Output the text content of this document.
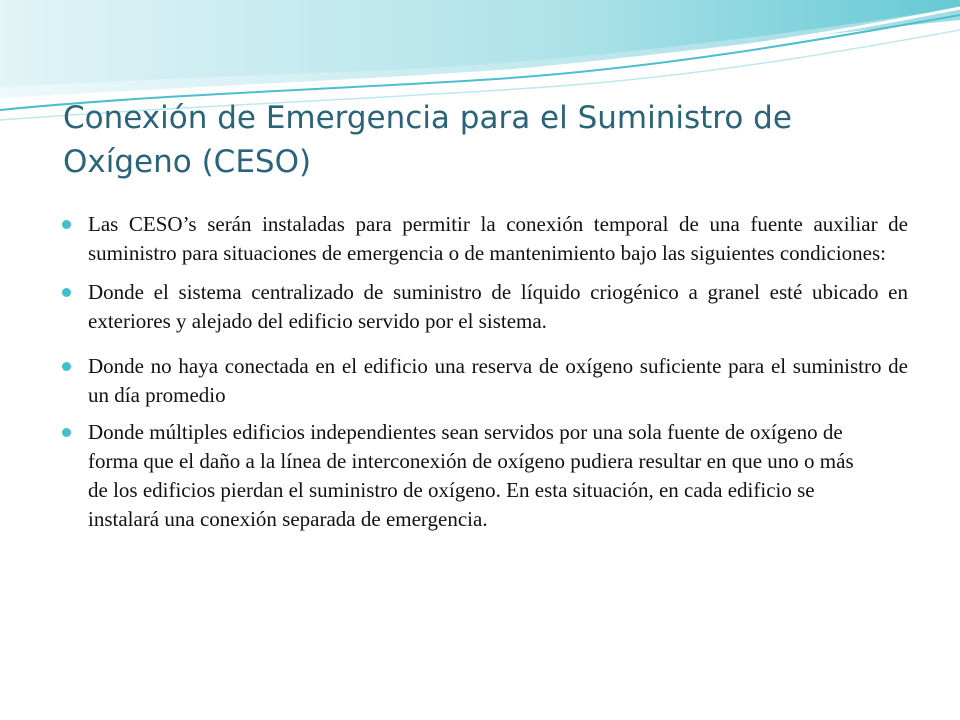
Conexión de Emergencia para el Suministro de Oxígeno (CESO)
Las CESO’s serán instaladas para permitir la conexión temporal de una fuente auxiliar de suministro para situaciones de emergencia o de mantenimiento bajo las siguientes condiciones:
Donde el sistema centralizado de suministro de líquido criogénico a granel esté ubicado en exteriores y alejado del edificio servido por el sistema.
Donde no haya conectada en el edificio una reserva de oxígeno suficiente para el suministro de un día promedio
Donde múltiples edificios independientes sean servidos por una sola fuente de oxígeno de forma que el daño a la línea de interconexión de oxígeno pudiera resultar en que uno o más de los edificios pierdan el suministro de oxígeno. En esta situación, en cada edificio se instalará una conexión separada de emergencia.
